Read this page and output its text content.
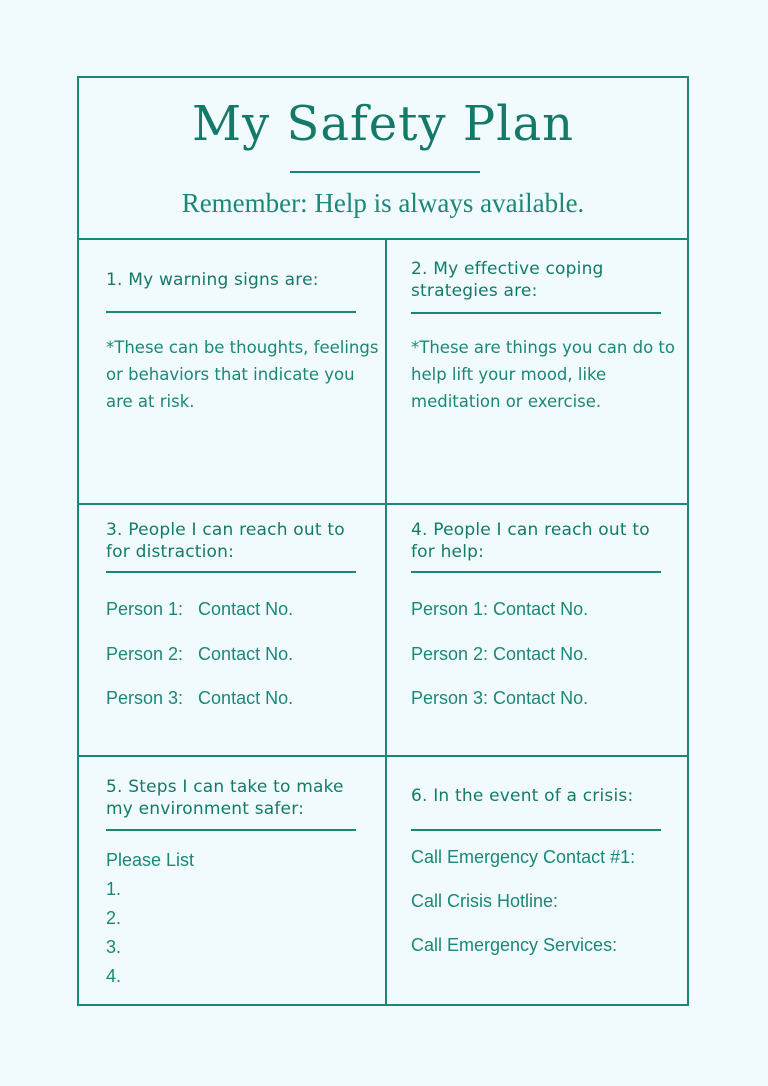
My Safety Plan
Remember: Help is always available.
1. My warning signs are:
*These can be thoughts, feelings or behaviors that indicate you are at risk.
2. My effective coping strategies are:
*These are things you can do to help lift your mood, like meditation or exercise.
3. People I can reach out to for distraction:
Person 1:   Contact No.
Person 2:   Contact No.
Person 3:   Contact No.
4. People I can reach out to for help:
Person 1: Contact No.
Person 2: Contact No.
Person 3: Contact No.
5. Steps I can take to make my environment safer:
Please List
1.
2.
3.
4.
6. In the event of a crisis:
Call Emergency Contact #1:
Call Crisis Hotline:
Call Emergency Services:
